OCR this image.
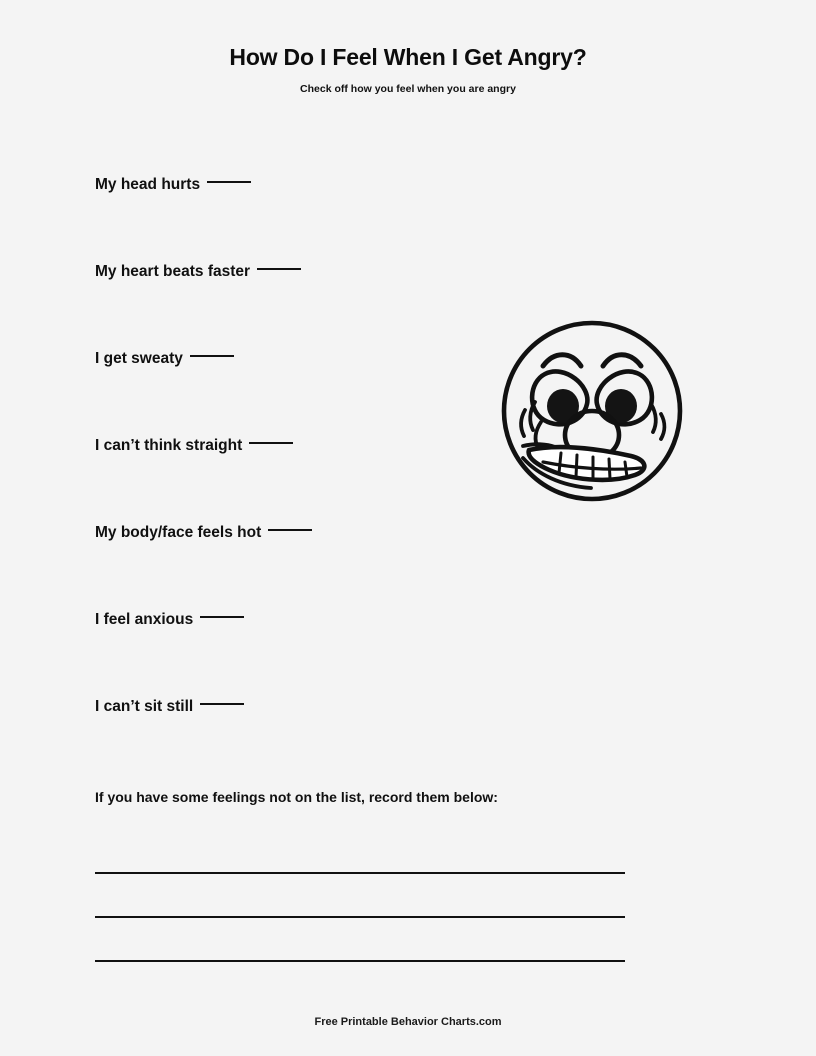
How Do I Feel When I Get Angry?
Check off how you feel when you are angry
My head hurts
My heart beats faster
I get sweaty
I can’t think straight
My body/face feels hot
I feel anxious
I can’t sit still
If you have some feelings not on the list, record them below:
Free Printable Behavior Charts.com
